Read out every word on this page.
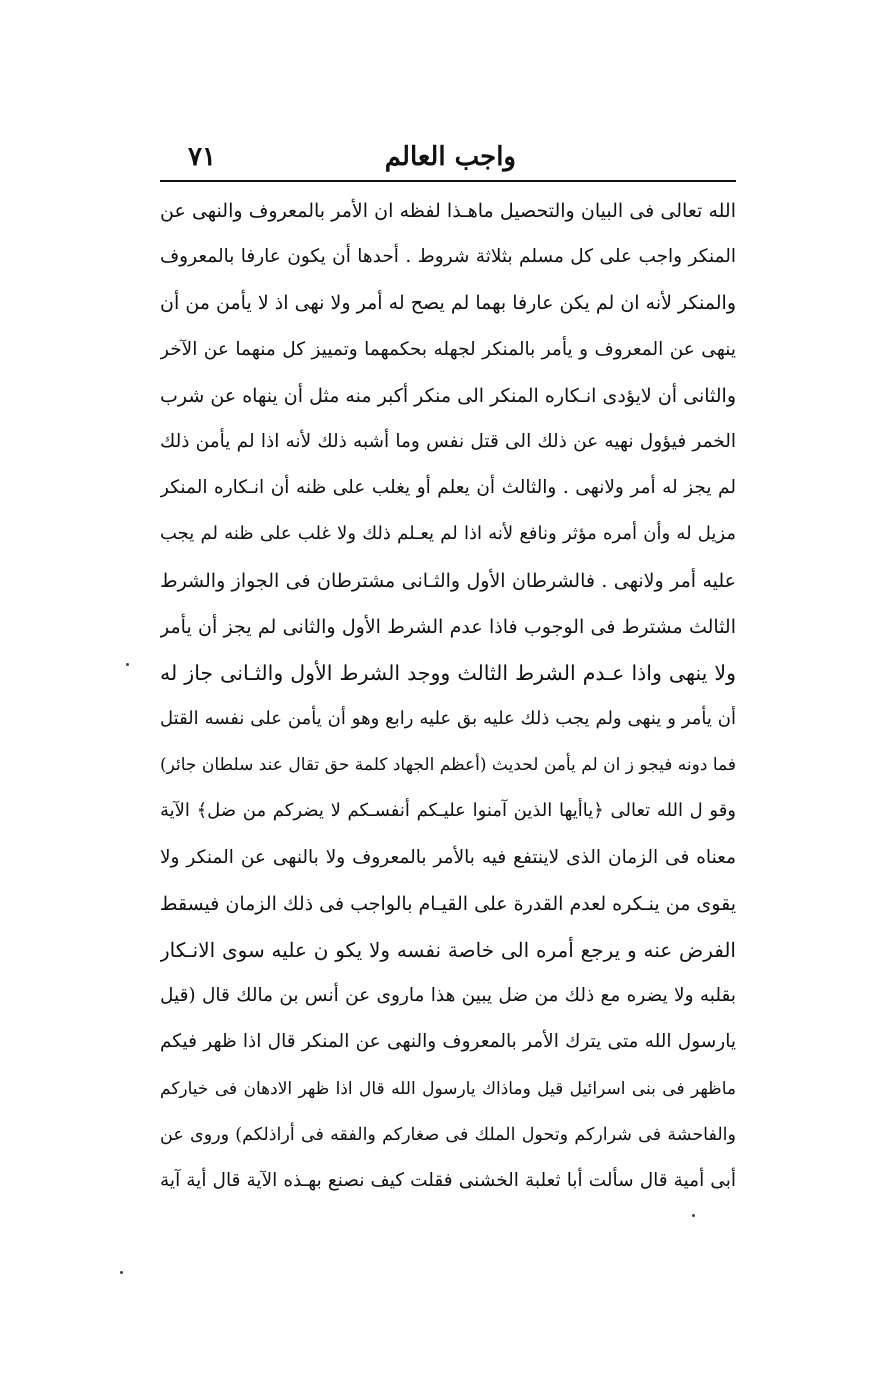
واجب العالم
٧١
الله تعالى فى البيان والتحصيل ماهـذا لفظه ان الأمر بالمعروف والنهى عن
المنكر واجب على كل مسلم بثلاثة شروط . أحدها أن يكون عارفا بالمعروف
والمنكر لأنه ان لم يكن عارفا بهما لم يصح له أمر ولا نهى اذ لا يأمن من أن
ينهى عن المعروف و يأمر بالمنكر لجهله بحكمهما وتمييز كل منهما عن الآخر
والثانى أن لايؤدى انـكاره المنكر الى منكر أكبر منه مثل أن ينهاه عن شرب
الخمر فيؤول نهيه عن ذلك الى قتل نفس وما أشبه ذلك لأنه اذا لم يأمن ذلك
لم يجز له أمر ولانهى . والثالث أن يعلم أو يغلب على ظنه أن انـكاره المنكر
مزيل له وأن أمره مؤثر ونافع لأنه اذا لم يعـلم ذلك ولا غلب على ظنه لم يجب
عليه أمر ولانهى . فالشرطان الأول والثـانى مشترطان فى الجواز والشرط
الثالث مشترط فى الوجوب فاذا عدم الشرط الأول والثانى لم يجز أن يأمر
ولا ينهى واذا عـدم الشرط الثالث ووجد الشرط الأول والثـانى جاز له
أن يأمر و ينهى ولم يجب ذلك عليه بق عليه رابع وهو أن يأمن على نفسه القتل
فما دونه فيجو ز ان لم يأمن لحديث (أعظم الجهاد كلمة حق تقال عند سلطان جائر)
وقو ل الله تعالى ﴿ياأيها الذين آمنوا عليـكم أنفسـكم لا يضركم من ضل﴾ الآية
معناه فى الزمان الذى لاينتفع فيه بالأمر بالمعروف ولا بالنهى عن المنكر ولا
يقوى من ينـكره لعدم القدرة على القيـام بالواجب فى ذلك الزمان فيسقط
الفرض عنه و يرجع أمره الى خاصة نفسه ولا يكو ن عليه سوى الانـكار
بقلبه ولا يضره مع ذلك من ضل يبين هذا ماروى عن أنس بن مالك قال (قيل
يارسول الله متى يترك الأمر بالمعروف والنهى عن المنكر قال اذا ظهر فيكم
ماظهر فى بنى اسرائيل قيل وماذاك يارسول الله قال اذا ظهر الادهان فى خياركم
والفاحشة فى شراركم وتحول الملك فى صغاركم والفقه فى أراذلكم) وروى عن
أبى أمية قال سألت أبا ثعلبة الخشنى فقلت كيف نصنع بهـذه الآية قال أية آية
